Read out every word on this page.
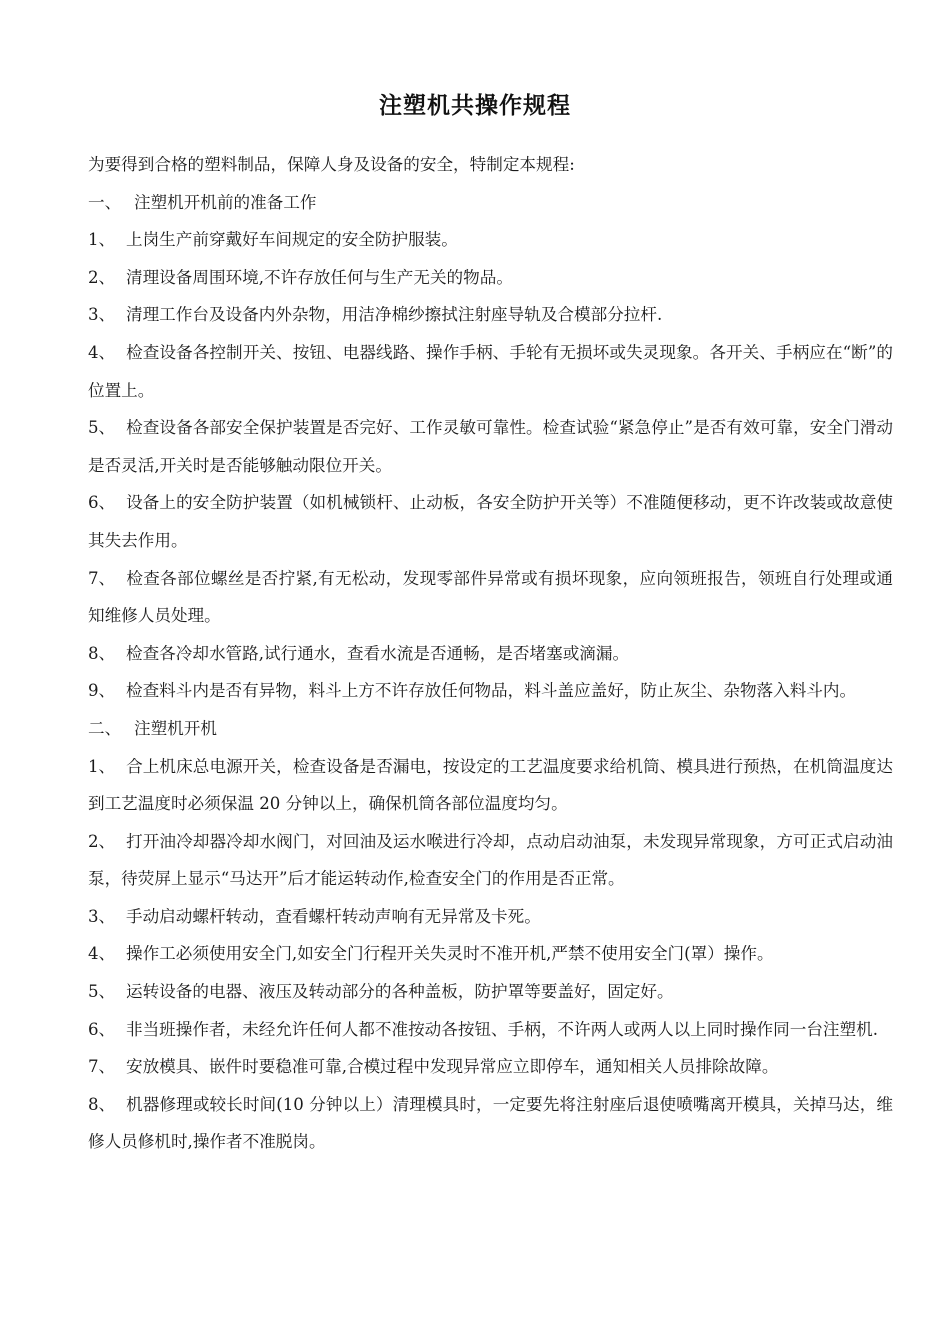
注塑机共操作规程

为要得到合格的塑料制品，保障人身及设备的安全，特制定本规程:

一、 注塑机开机前的准备工作

1、 上岗生产前穿戴好车间规定的安全防护服装。

2、 清理设备周围环境,不许存放任何与生产无关的物品。

3、 清理工作台及设备内外杂物，用洁净棉纱擦拭注射座导轨及合模部分拉杆.

4、 检查设备各控制开关、按钮、电器线路、操作手柄、手轮有无损坏或失灵现象。各开关、手柄应在“断”的位置上。

5、 检查设备各部安全保护装置是否完好、工作灵敏可靠性。检查试验“紧急停止”是否有效可靠，安全门滑动是否灵活,开关时是否能够触动限位开关。

6、 设备上的安全防护装置（如机械锁杆、止动板，各安全防护开关等）不准随便移动，更不许改装或故意使其失去作用。

7、 检查各部位螺丝是否拧紧,有无松动，发现零部件异常或有损坏现象，应向领班报告，领班自行处理或通知维修人员处理。

8、 检查各冷却水管路,试行通水，查看水流是否通畅，是否堵塞或滴漏。

9、 检查料斗内是否有异物，料斗上方不许存放任何物品，料斗盖应盖好，防止灰尘、杂物落入料斗内。

二、 注塑机开机

1、 合上机床总电源开关，检查设备是否漏电，按设定的工艺温度要求给机筒、模具进行预热，在机筒温度达到工艺温度时必须保温 20 分钟以上，确保机筒各部位温度均匀。

2、 打开油冷却器冷却水阀门，对回油及运水喉进行冷却，点动启动油泵，未发现异常现象，方可正式启动油泵，待荧屏上显示“马达开”后才能运转动作,检查安全门的作用是否正常。

3、 手动启动螺杆转动，查看螺杆转动声响有无异常及卡死。

4、 操作工必须使用安全门,如安全门行程开关失灵时不准开机,严禁不使用安全门(罩）操作。

5、 运转设备的电器、液压及转动部分的各种盖板，防护罩等要盖好，固定好。

6、 非当班操作者，未经允许任何人都不准按动各按钮、手柄，不许两人或两人以上同时操作同一台注塑机.

7、 安放模具、嵌件时要稳准可靠,合模过程中发现异常应立即停车，通知相关人员排除故障。

8、 机器修理或较长时间(10 分钟以上）清理模具时，一定要先将注射座后退使喷嘴离开模具，关掉马达，维修人员修机时,操作者不准脱岗。
